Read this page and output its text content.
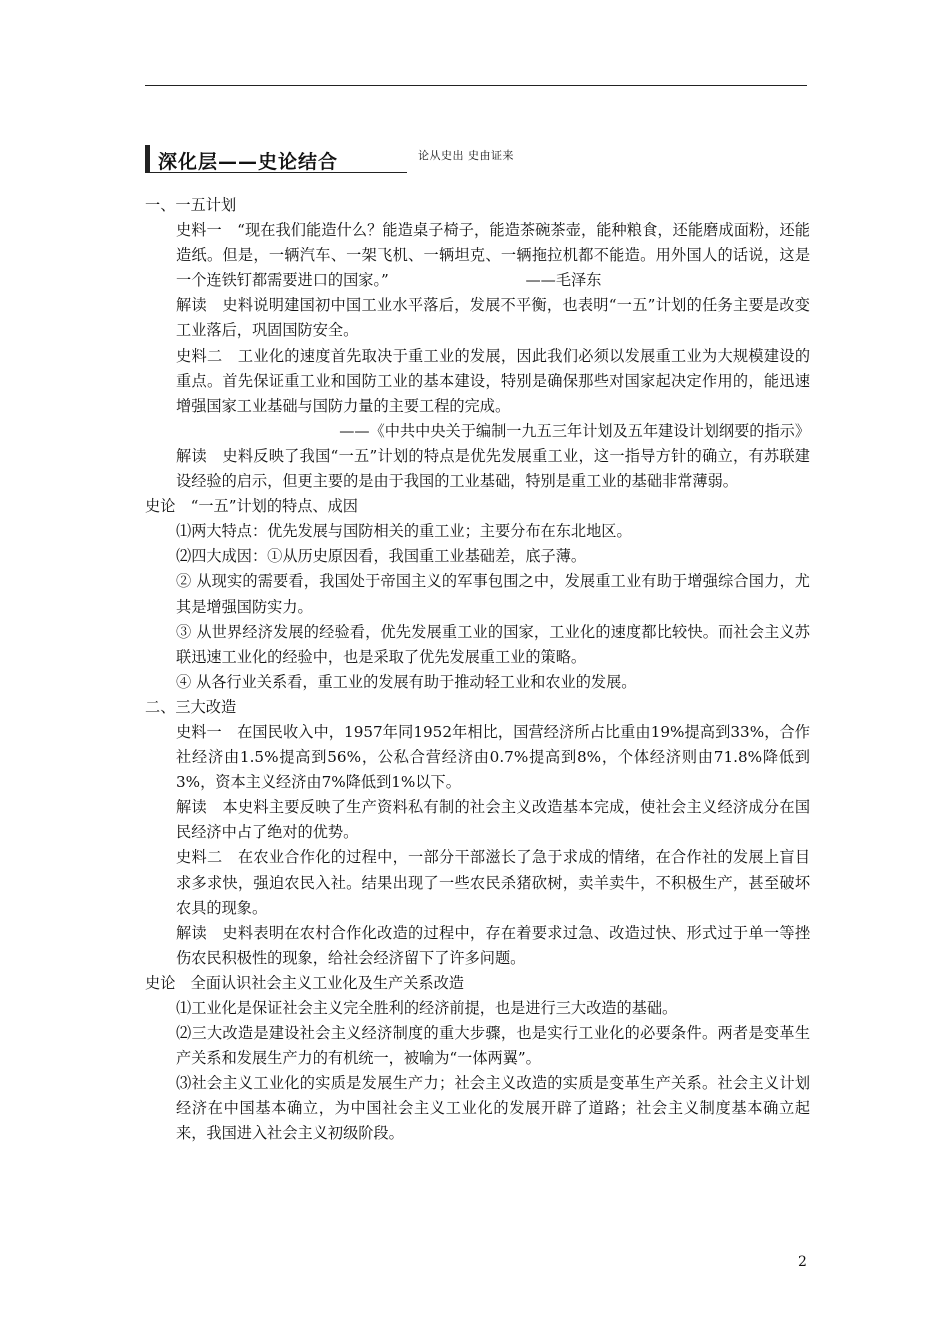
深化层——史论结合	论从史出 史由证来

一、一五计划

史料一　“现在我们能造什么？能造桌子椅子，能造茶碗茶壶，能种粮食，还能磨成面粉，还能造纸。但是，一辆汽车、一架飞机、一辆坦克、一辆拖拉机都不能造。用外国人的话说，这是一个连铁钉都需要进口的国家。”　　　　　　　　　——毛泽东

解读　史料说明建国初中国工业水平落后，发展不平衡，也表明“一五”计划的任务主要是改变工业落后，巩固国防安全。

史料二　工业化的速度首先取决于重工业的发展，因此我们必须以发展重工业为大规模建设的重点。首先保证重工业和国防工业的基本建设，特别是确保那些对国家起决定作用的，能迅速增强国家工业基础与国防力量的主要工程的完成。

——《中共中央关于编制一九五三年计划及五年建设计划纲要的指示》

解读　史料反映了我国“一五”计划的特点是优先发展重工业，这一指导方针的确立，有苏联建设经验的启示，但更主要的是由于我国的工业基础，特别是重工业的基础非常薄弱。

史论　“一五”计划的特点、成因

⑴两大特点：优先发展与国防相关的重工业；主要分布在东北地区。

⑵四大成因：①从历史原因看，我国重工业基础差，底子薄。

② 从现实的需要看，我国处于帝国主义的军事包围之中，发展重工业有助于增强综合国力，尤其是增强国防实力。

③ 从世界经济发展的经验看，优先发展重工业的国家，工业化的速度都比较快。而社会主义苏联迅速工业化的经验中，也是采取了优先发展重工业的策略。

④ 从各行业关系看，重工业的发展有助于推动轻工业和农业的发展。

二、三大改造

史料一　在国民收入中，1957年同1952年相比，国营经济所占比重由19%提高到33%，合作社经济由1.5%提高到56%，公私合营经济由0.7%提高到8%，个体经济则由71.8%降低到3%，资本主义经济由7%降低到1%以下。

解读　本史料主要反映了生产资料私有制的社会主义改造基本完成，使社会主义经济成分在国民经济中占了绝对的优势。

史料二　在农业合作化的过程中，一部分干部滋长了急于求成的情绪，在合作社的发展上盲目求多求快，强迫农民入社。结果出现了一些农民杀猪砍树，卖羊卖牛，不积极生产，甚至破坏农具的现象。

解读　史料表明在农村合作化改造的过程中，存在着要求过急、改造过快、形式过于单一等挫伤农民积极性的现象，给社会经济留下了许多问题。

史论　全面认识社会主义工业化及生产关系改造

⑴工业化是保证社会主义完全胜利的经济前提，也是进行三大改造的基础。

⑵三大改造是建设社会主义经济制度的重大步骤，也是实行工业化的必要条件。两者是变革生产关系和发展生产力的有机统一，被喻为“一体两翼”。

⑶社会主义工业化的实质是发展生产力；社会主义改造的实质是变革生产关系。社会主义计划经济在中国基本确立，为中国社会主义工业化的发展开辟了道路；社会主义制度基本确立起来，我国进入社会主义初级阶段。

2
